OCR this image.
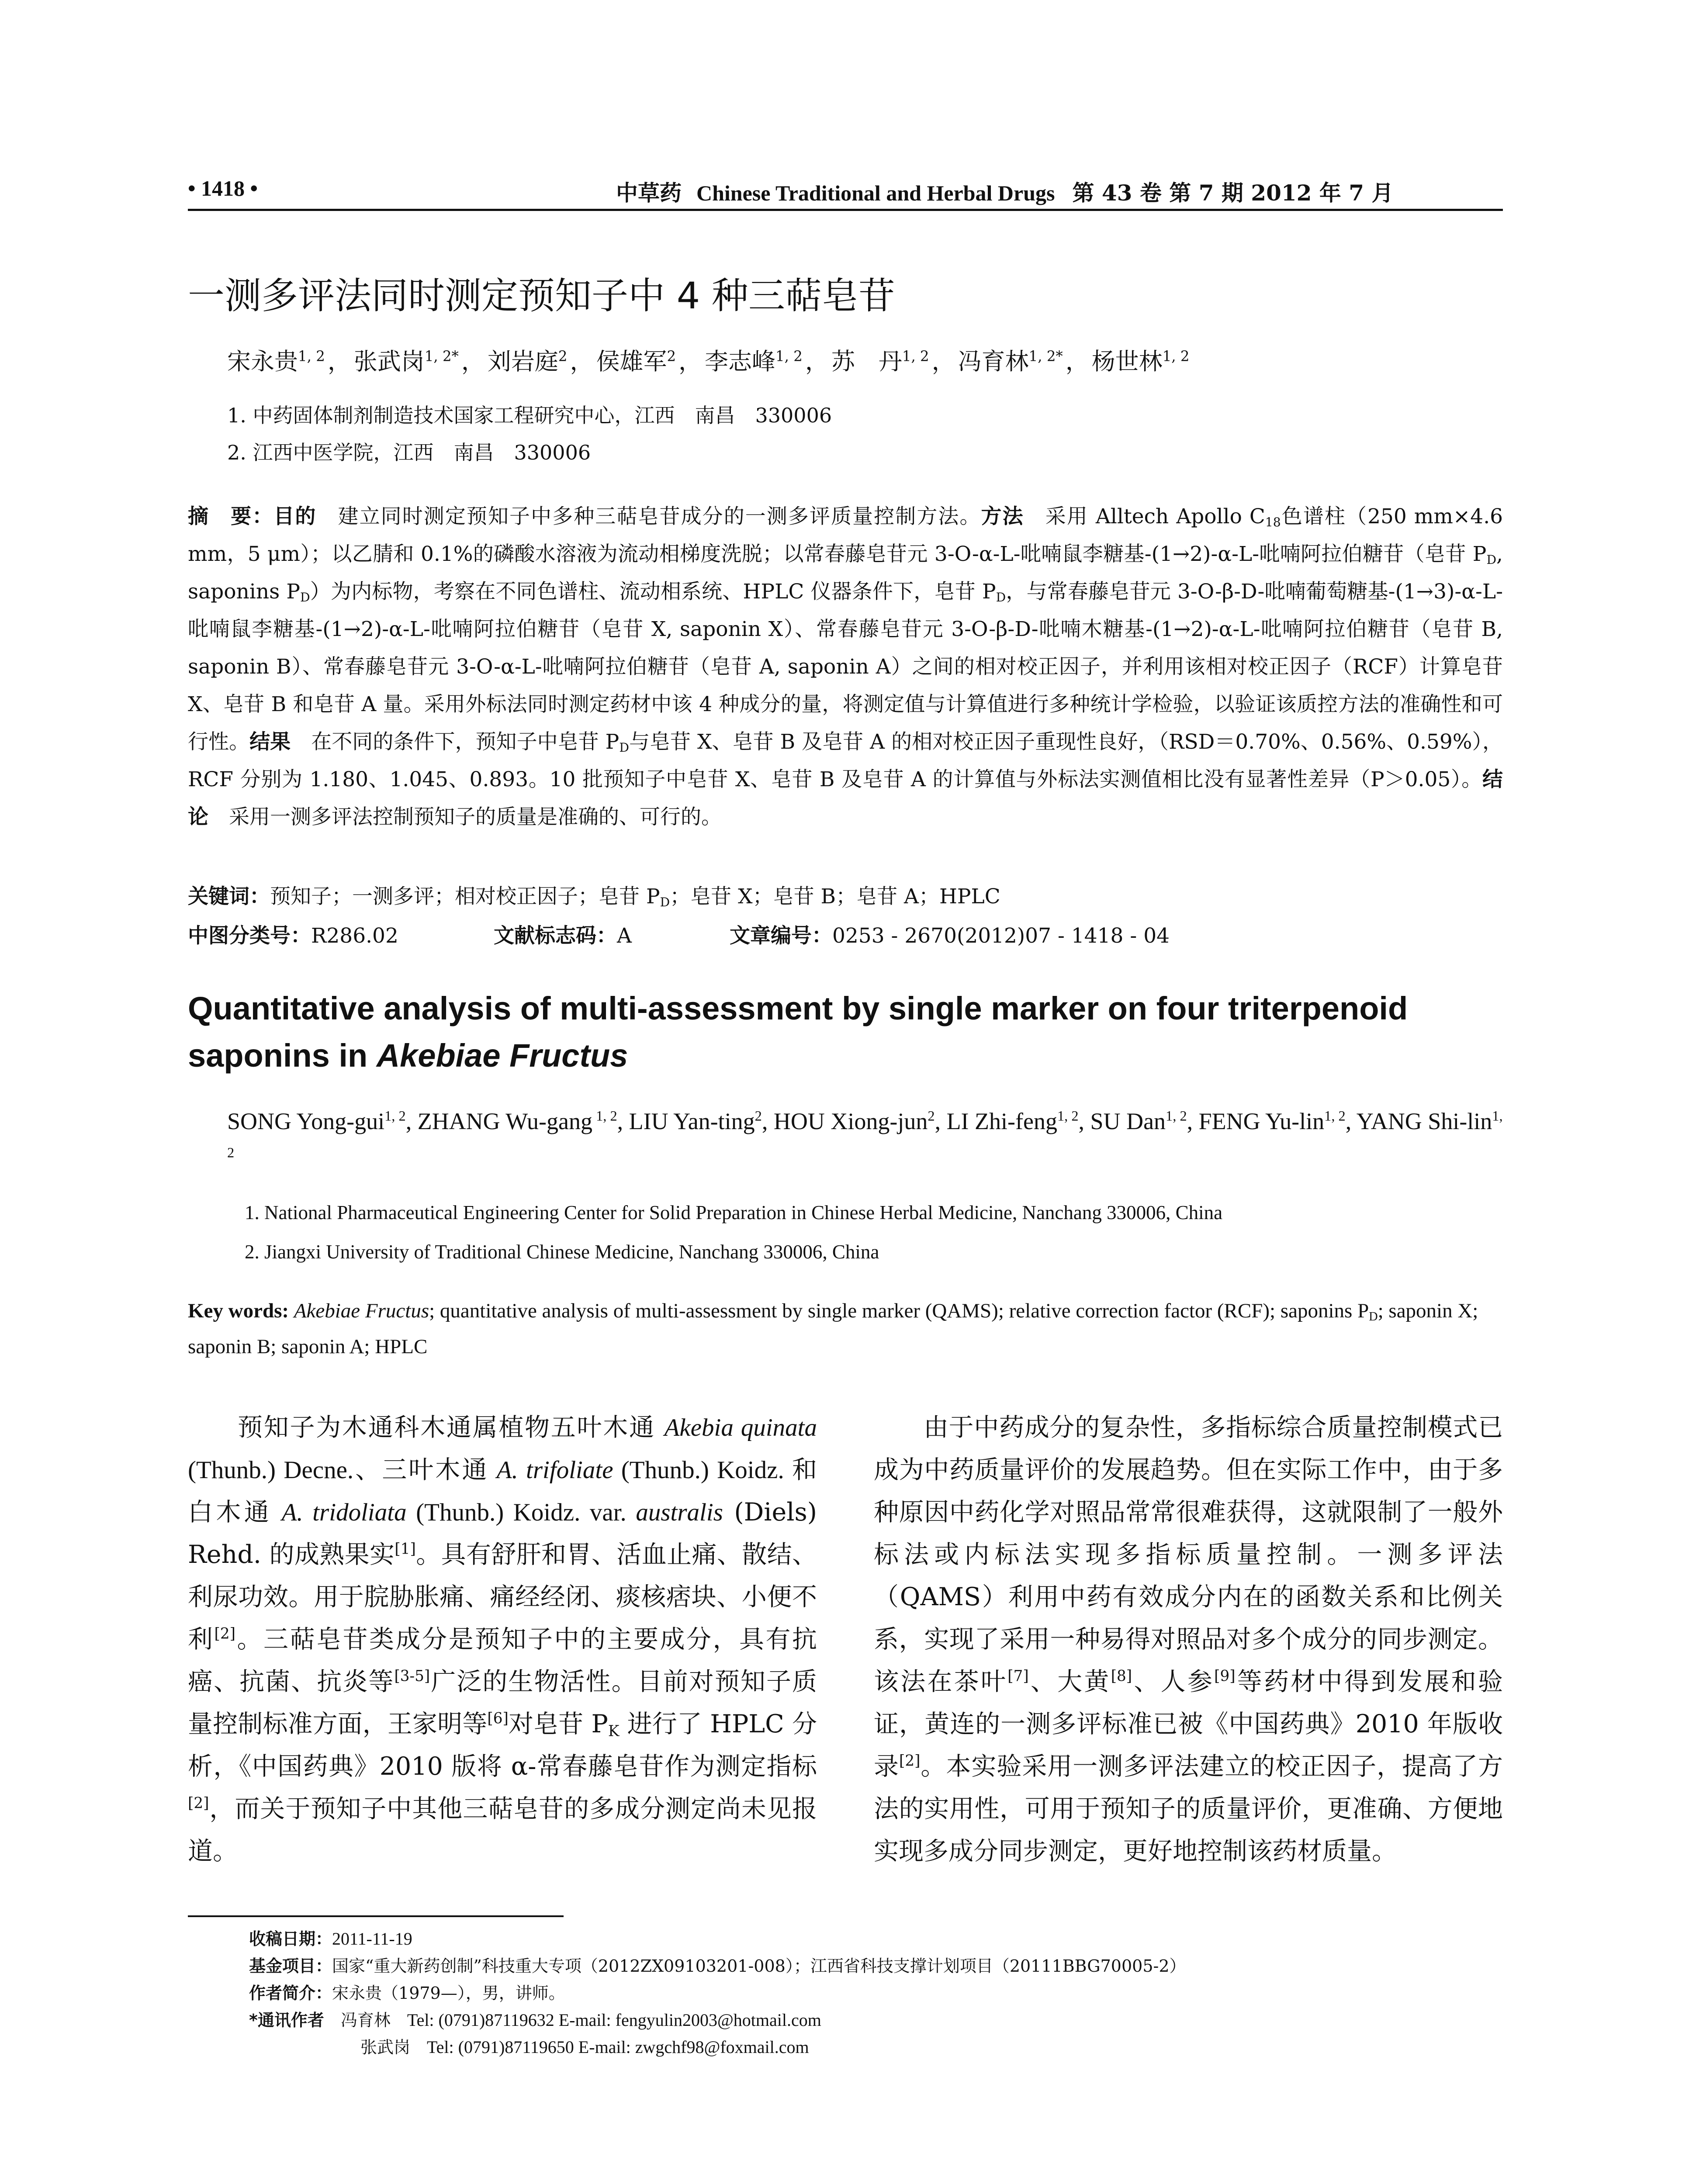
• 1418 •	中草药 Chinese Traditional and Herbal Drugs 第 43 卷 第 7 期 2012 年 7 月
一测多评法同时测定预知子中 4 种三萜皂苷
宋永贵$^{1, 2}$ ， 张武岗$^{1, 2*}$ ， 刘岩庭$^2$ ， 侯雄军$^2$ ， 李志峰$^{1, 2}$ ， 苏　丹$^{1, 2}$ ， 冯育林$^{1, 2*}$ ， 杨世林$^{1, 2}$
1. 中药固体制剂制造技术国家工程研究中心，江西　南昌　330006
2. 江西中医学院，江西　南昌　330006
摘　要：目的　 建立同时测定预知子中多种三萜皂苷成分的一测多评质量控制方法。方法　 采用 Alltech Apollo $C_{18}$色谱柱（250 mm×4.6 mm，5 μm）；以乙腈和 0.1%的磷酸水溶液为流动相梯度洗脱；以常春藤皂苷元 3-O-α-L-吡喃鼠李糖基-(1→2)-α-L-吡喃阿拉伯糖苷（皂苷 $P_D$, saponins $P_D$）为内标物，考察在不同色谱柱、流动相系统、HPLC 仪器条件下，皂苷 $P_D$，与常春藤皂苷元 3-O-β-D-吡喃葡萄糖基-(1→3)-α-L-吡喃鼠李糖基-(1→2)-α-L-吡喃阿拉伯糖苷（皂苷 X, saponin X）、常春藤皂苷元 3-O-β-D-吡喃木糖基-(1→2)-α-L-吡喃阿拉伯糖苷（皂苷 B, saponin B）、常春藤皂苷元 3-O-α-L-吡喃阿拉伯糖苷（皂苷 A, saponin A）之间的相对校正因子，并利用该相对校正因子（RCF）计算皂苷 X、皂苷 B 和皂苷 A 量。采用外标法同时测定药材中该 4 种成分的量，将测定值与计算值进行多种统计学检验，以验证该质控方法的准确性和可行性。结果　 在不同的条件下，预知子中皂苷 $P_D$与皂苷 X、皂苷 B 及皂苷 A 的相对校正因子重现性良好，（RSD＝0.70%、0.56%、0.59%），RCF 分别为 1.180、1.045、0.893。10 批预知子中皂苷 X、皂苷 B 及皂苷 A 的计算值与外标法实测值相比没有显著性差异（P＞0.05）。结论　 采用一测多评法控制预知子的质量是准确的、可行的。
关键词：预知子；一测多评；相对校正因子；皂苷 $P_D$；皂苷 X；皂苷 B；皂苷 A；HPLC
中图分类号：R286.02	文献标志码：A	文章编号：0253 - 2670(2012)07 - 1418 - 04
Quantitative analysis of multi-assessment by single marker on four triterpenoid saponins in Akebiae Fructus
SONG Yong-gui$^{1, 2}$, ZHANG Wu-gang $^{1, 2}$, LIU Yan-ting$^2$, HOU Xiong-jun$^2$, LI Zhi-feng$^{1, 2}$, SU Dan$^{1, 2}$, FENG Yu-lin$^{1, 2}$, YANG Shi-lin$^{1, 2}$
1. National Pharmaceutical Engineering Center for Solid Preparation in Chinese Herbal Medicine, Nanchang 330006, China
2. Jiangxi University of Traditional Chinese Medicine, Nanchang 330006, China
Key words: Akebiae Fructus; quantitative analysis of multi-assessment by single marker (QAMS); relative correction factor (RCF); saponins $P_D$; saponin X; saponin B; saponin A; HPLC
预知子为木通科木通属植物五叶木通 Akebia quinata (Thunb.) Decne.、三叶木通 A. trifoliate (Thunb.) Koidz. 和白木通 A. tridoliata (Thunb.) Koidz. var. australis (Diels) Rehd. 的成熟果实[1]。具有舒肝和胃、活血止痛、散结、利尿功效。用于脘胁胀痛、痛经经闭、痰核痞块、小便不利[2]。三萜皂苷类成分是预知子中的主要成分，具有抗癌、抗菌、抗炎等[3-5]广泛的生物活性。目前对预知子质量控制标准方面，王家明等[6]对皂苷 $P_K$ 进行了 HPLC 分析，《中国药典》2010 版将 α-常春藤皂苷作为测定指标[2]，而关于预知子中其他三萜皂苷的多成分测定尚未见报道。
由于中药成分的复杂性，多指标综合质量控制模式已成为中药质量评价的发展趋势。但在实际工作中，由于多种原因中药化学对照品常常很难获得，这就限制了一般外标法或内标法实现多指标质量控制。一测多评法（QAMS）利用中药有效成分内在的函数关系和比例关系，实现了采用一种易得对照品对多个成分的同步测定。该法在茶叶[7]、大黄[8]、人参[9]等药材中得到发展和验证，黄连的一测多评标准已被《中国药典》2010 年版收录[2]。本实验采用一测多评法建立的校正因子，提高了方法的实用性，可用于预知子的质量评价，更准确、方便地实现多成分同步测定，更好地控制该药材质量。
收稿日期：2011-11-19
基金项目：国家“重大新药创制”科技重大专项（2012ZX09103201-008）；江西省科技支撑计划项目（20111BBG70005-2）
作者简介：宋永贵（1979—），男，讲师。
*通讯作者　 冯育林　 Tel: (0791)87119632 E-mail: fengyulin2003@hotmail.com
张武岗　 Tel: (0791)87119650 E-mail: zwgchf98@foxmail.com
